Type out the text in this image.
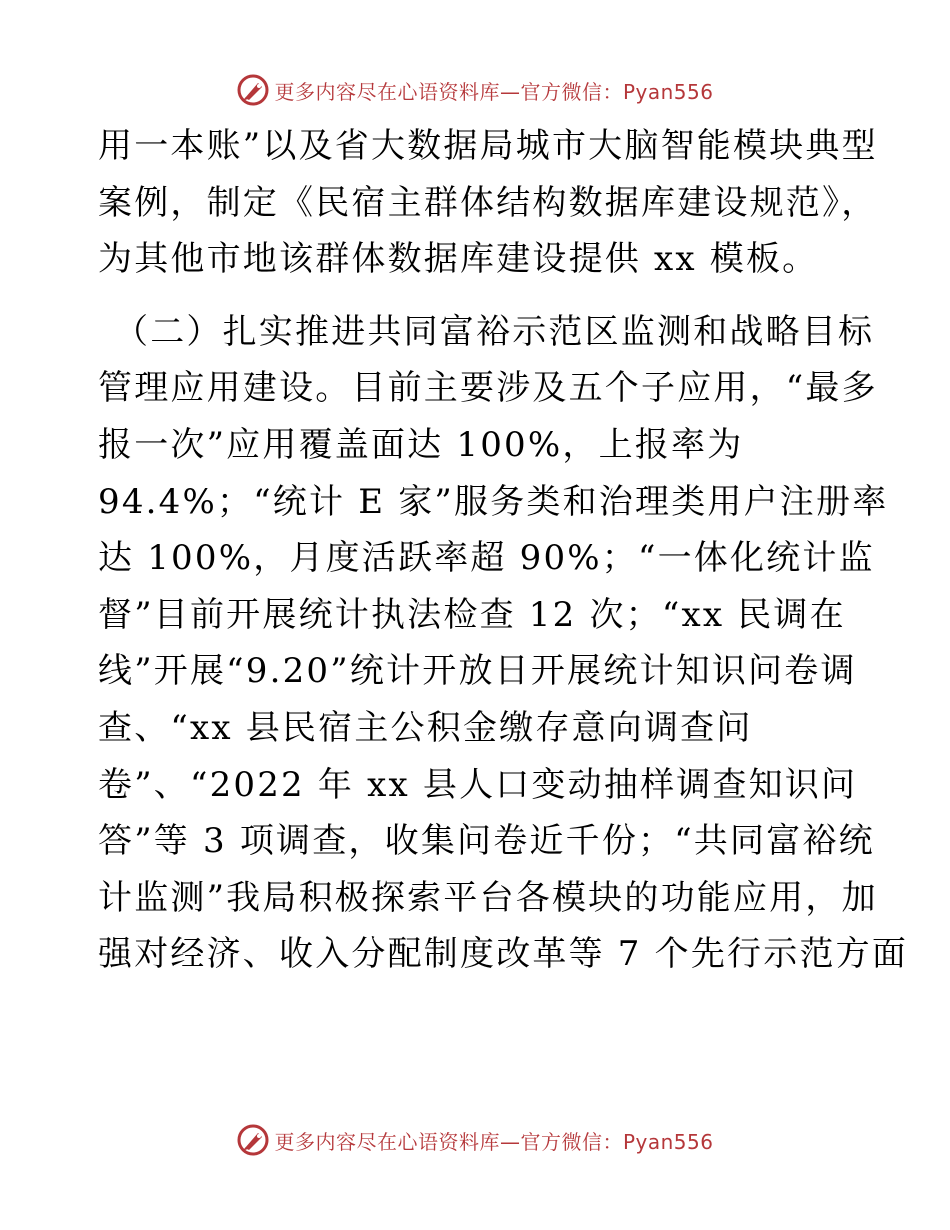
更多内容尽在心语资料库—官方微信：Pyan556
用一本账”以及省大数据局城市大脑智能模块典型
案例，制定《民宿主群体结构数据库建设规范》，
为其他市地该群体数据库建设提供 xx 模板。
（二）扎实推进共同富裕示范区监测和战略目标
管理应用建设。目前主要涉及五个子应用，“最多
报一次”应用覆盖面达 100%，上报率为
94.4%；“统计 E 家”服务类和治理类用户注册率
达 100%，月度活跃率超 90%；“一体化统计监
督”目前开展统计执法检查 12 次；“xx 民调在
线”开展“9.20”统计开放日开展统计知识问卷调
查、“xx 县民宿主公积金缴存意向调查问
卷”、“2022 年 xx 县人口变动抽样调查知识问
答”等 3 项调查，收集问卷近千份；“共同富裕统
计监测”我局积极探索平台各模块的功能应用，加
强对经济、收入分配制度改革等 7 个先行示范方面
更多内容尽在心语资料库—官方微信：Pyan556
